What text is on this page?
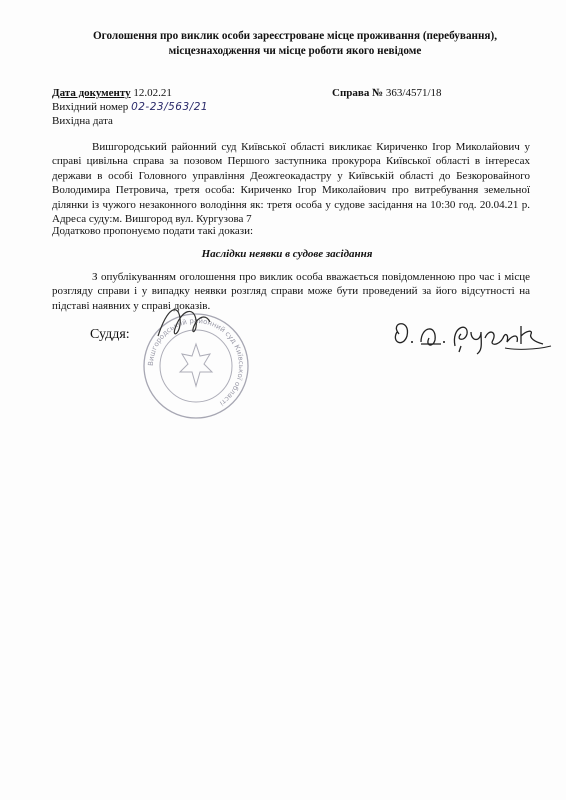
Оголошення про виклик особи зареєстроване місце проживання (перебування),
місцезнаходження чи місце роботи якого невідоме
Дата документу 12.02.21	Справа № 363/4571/18
Вихідний номер 02-23/563/21
Вихідна дата
Вишгородський районний суд Київської області викликає Кириченко Ігор Миколайович у справі цивільна справа за позовом Першого заступника прокурора Київської області в інтересах держави в особі Головного управління Деожгеокадастру у Київській області до Безкоровайного Володимира Петровича, третя особа: Кириченко Ігор Миколайович про витребування земельної ділянки із чужого незаконного володіння як: третя особа у судове засідання на 10:30 год. 20.04.21 р. Адреса суду:м. Вишгород вул. Кургузова 7
Додатково пропонуємо подати такі докази:
Наслідки неявки в судове засідання
З опублікуванням оголошення про виклик особа вважається повідомленною про час і місце розгляду справи і у випадку неявки розгляд справи може бути проведений за його відсутності на підставі наявних у справі доказів.
Суддя:
Вишгородський районний суд Київської області
